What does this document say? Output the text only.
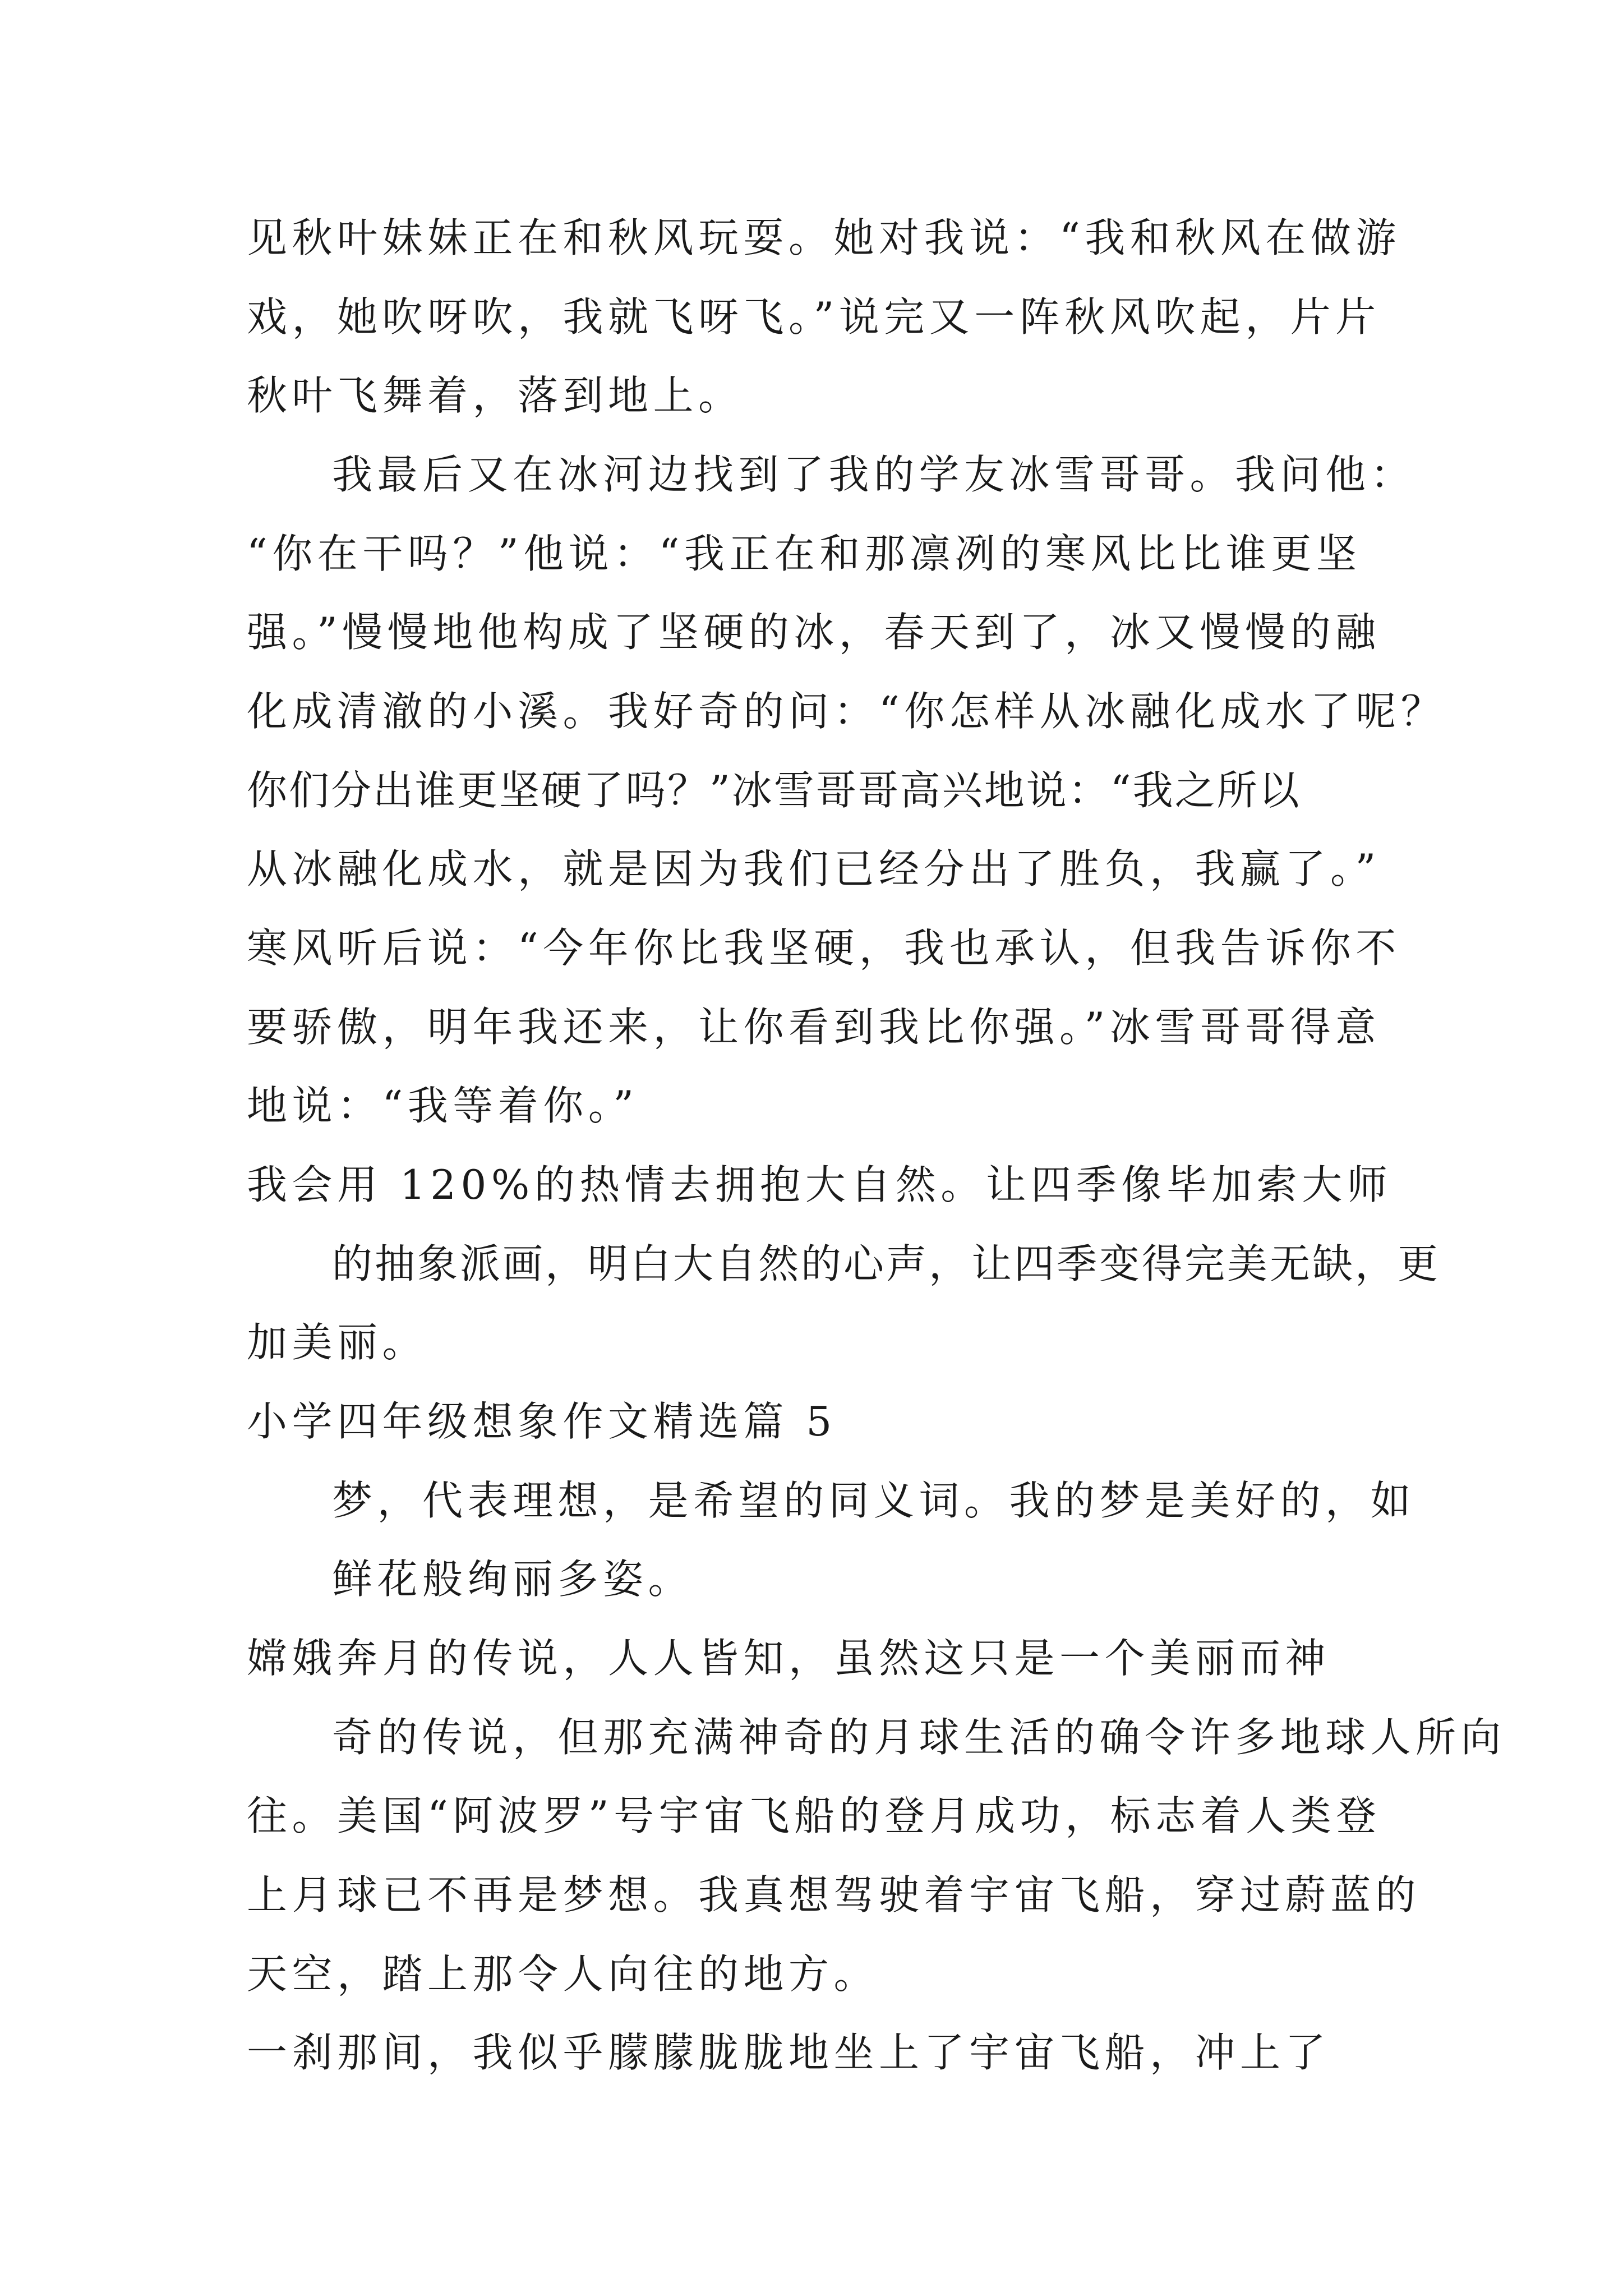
见秋叶妹妹正在和秋风玩耍。她对我说：“我和秋风在做游

戏，她吹呀吹，我就飞呀飞。”说完又一阵秋风吹起，片片

秋叶飞舞着，落到地上。

我最后又在冰河边找到了我的学友冰雪哥哥。我问他：

“你在干吗？”他说：“我正在和那凛冽的寒风比比谁更坚

强。”慢慢地他构成了坚硬的冰，春天到了，冰又慢慢的融

化成清澈的小溪。我好奇的问：“你怎样从冰融化成水了呢？

你们分出谁更坚硬了吗？”冰雪哥哥高兴地说：“我之所以

从冰融化成水，就是因为我们已经分出了胜负，我赢了。”

寒风听后说：“今年你比我坚硬，我也承认，但我告诉你不

要骄傲，明年我还来，让你看到我比你强。”冰雪哥哥得意

地说：“我等着你。”

我会用 120%的热情去拥抱大自然。让四季像毕加索大师

的抽象派画，明白大自然的心声，让四季变得完美无缺，更

加美丽。

小学四年级想象作文精选篇 5

梦，代表理想，是希望的同义词。我的梦是美好的，如

鲜花般绚丽多姿。

嫦娥奔月的传说，人人皆知，虽然这只是一个美丽而神

奇的传说，但那充满神奇的月球生活的确令许多地球人所向

往。美国“阿波罗”号宇宙飞船的登月成功，标志着人类登

上月球已不再是梦想。我真想驾驶着宇宙飞船，穿过蔚蓝的

天空，踏上那令人向往的地方。

一刹那间，我似乎朦朦胧胧地坐上了宇宙飞船，冲上了
